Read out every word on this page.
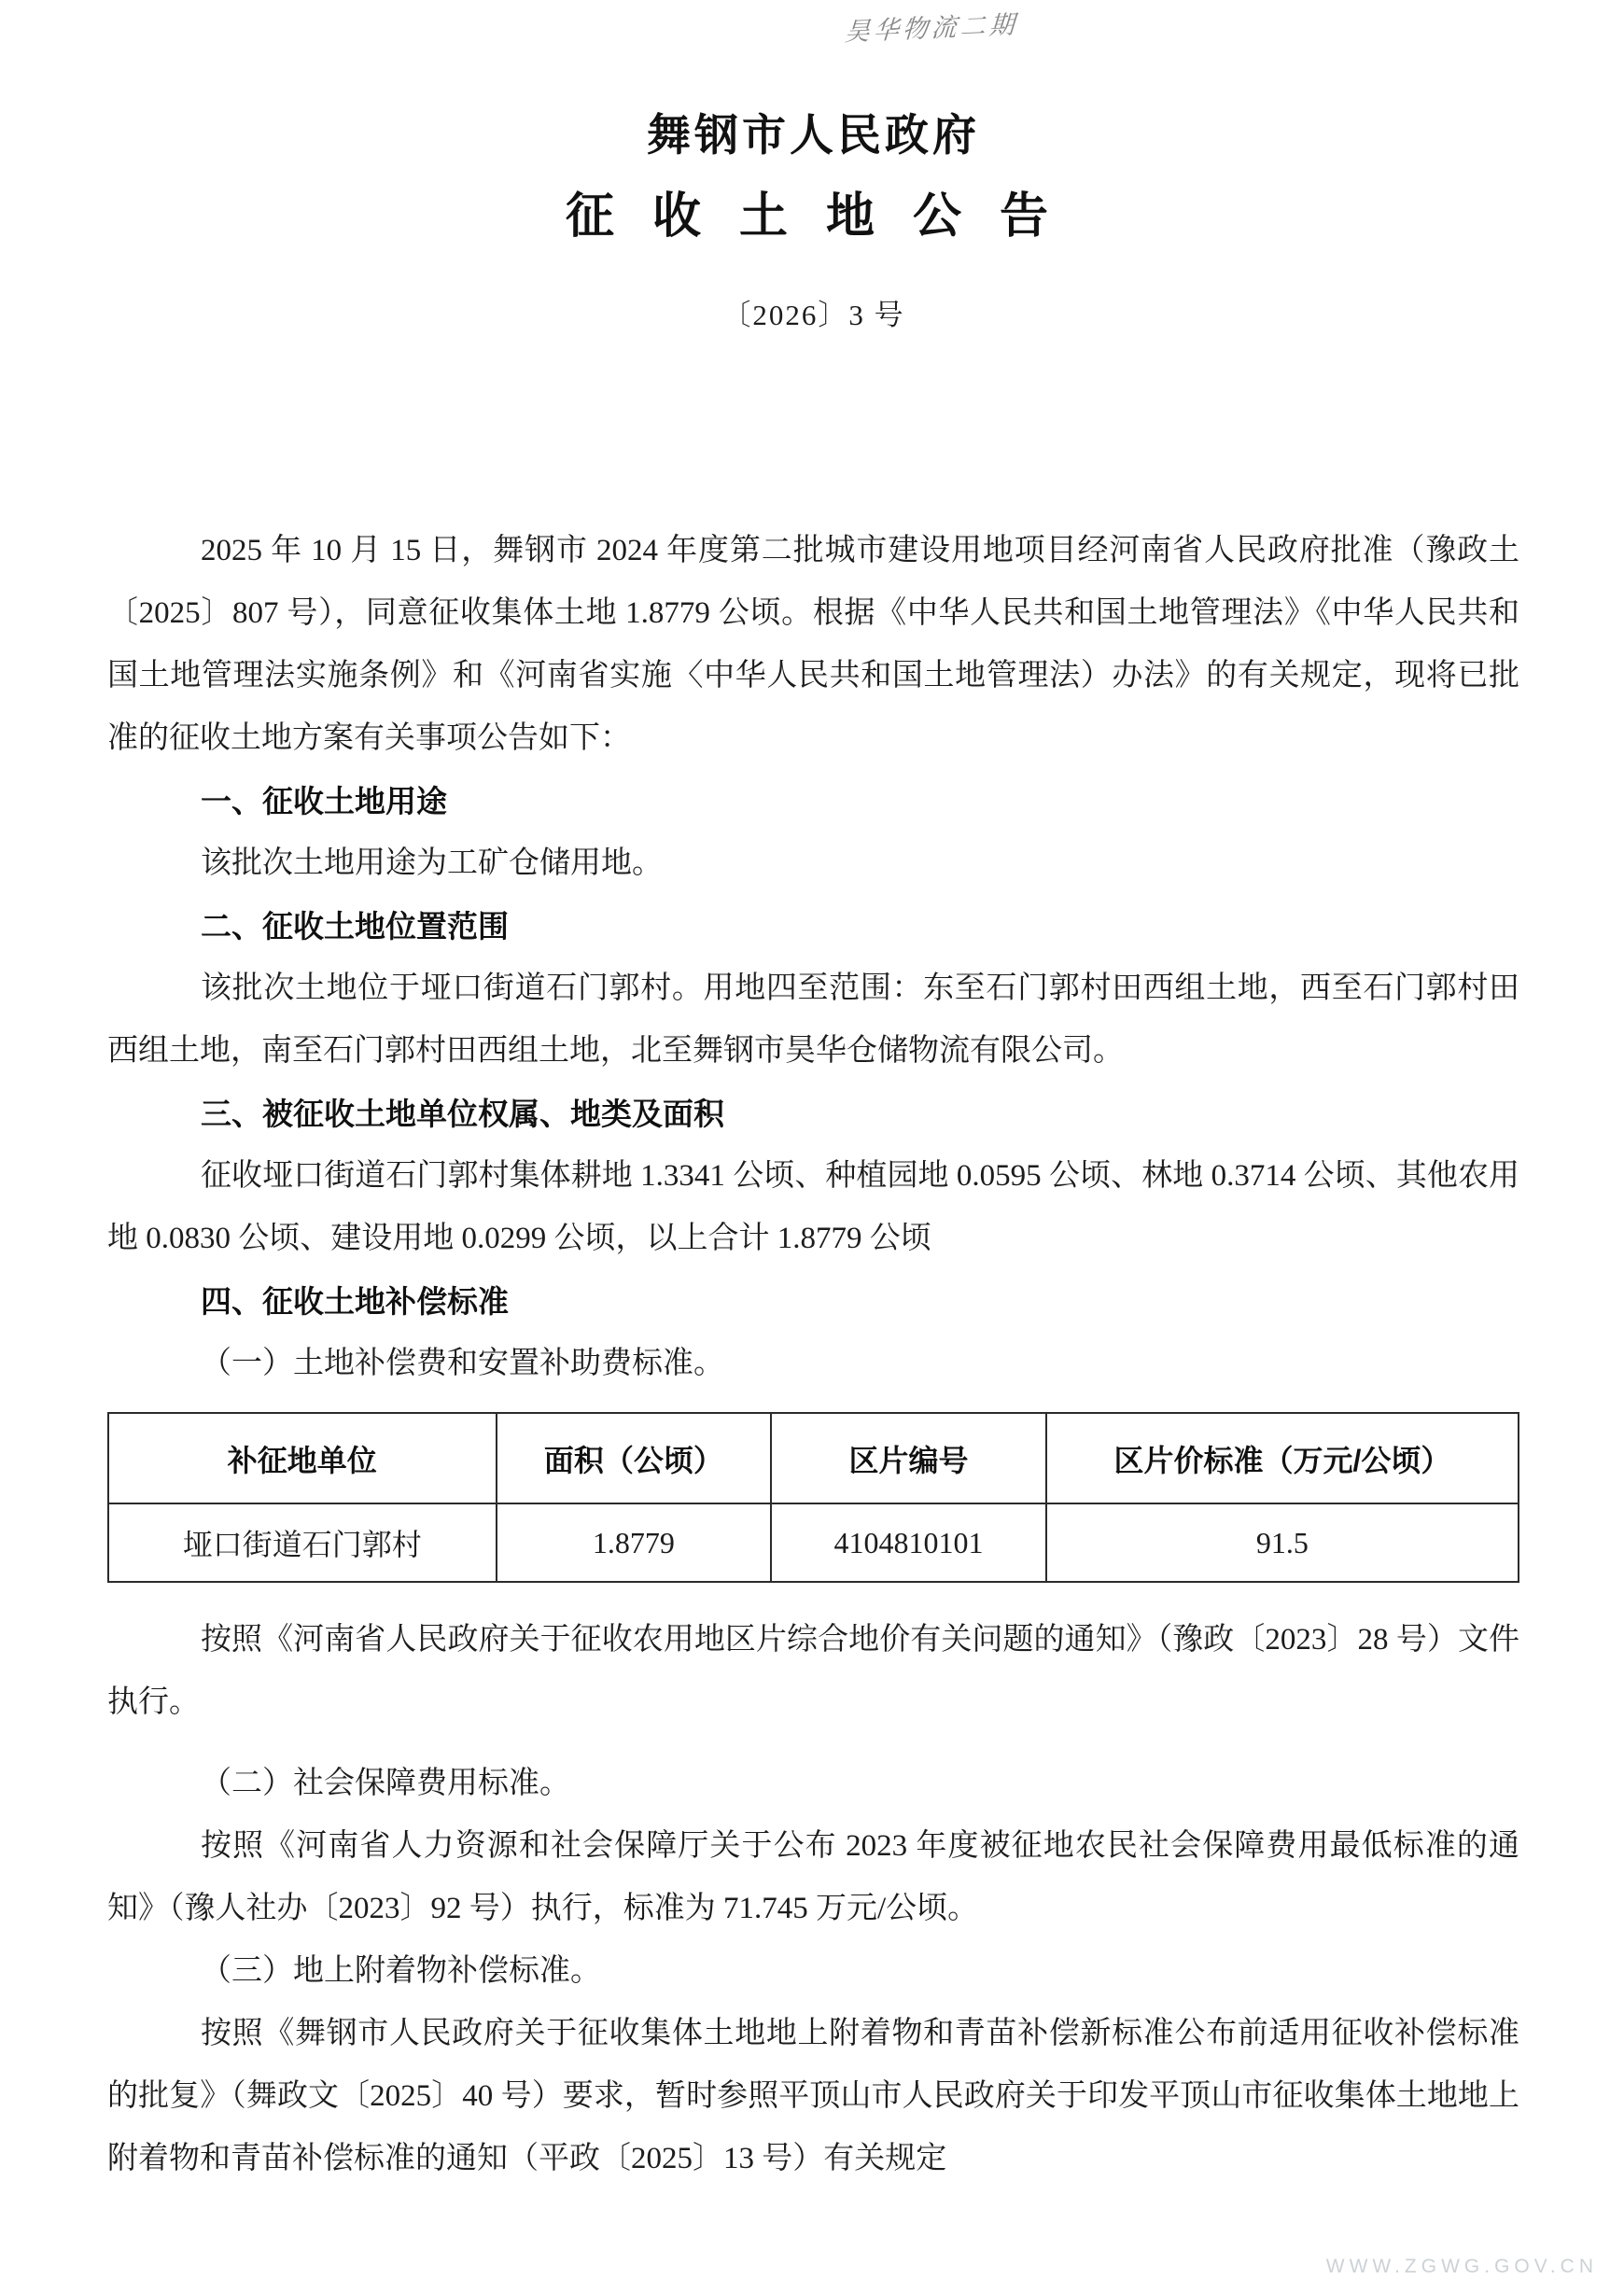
昊华物流二期

舞钢市人民政府

征 收 土 地 公 告

〔2026〕3 号

2025 年 10 月 15 日，舞钢市 2024 年度第二批城市建设用地项目经河南省人民政府批准（豫政土〔2025〕807 号），同意征收集体土地 1.8779 公顷。根据《中华人民共和国土地管理法》《中华人民共和国土地管理法实施条例》和《河南省实施〈中华人民共和国土地管理法）办法》的有关规定，现将已批准的征收土地方案有关事项公告如下：

一、征收土地用途

该批次土地用途为工矿仓储用地。

二、征收土地位置范围

该批次土地位于垭口街道石门郭村。用地四至范围：东至石门郭村田西组土地，西至石门郭村田西组土地，南至石门郭村田西组土地，北至舞钢市昊华仓储物流有限公司。

三、被征收土地单位权属、地类及面积

征收垭口街道石门郭村集体耕地 1.3341 公顷、种植园地 0.0595 公顷、林地 0.3714 公顷、其他农用地 0.0830 公顷、建设用地 0.0299 公顷，以上合计 1.8779 公顷

四、征收土地补偿标准

（一）土地补偿费和安置补助费标准。

补征地单位	面积（公顷）	区片编号	区片价标准（万元/公顷）
垭口街道石门郭村	1.8779	4104810101	91.5

按照《河南省人民政府关于征收农用地区片综合地价有关问题的通知》（豫政〔2023〕28 号）文件执行。

（二）社会保障费用标准。

按照《河南省人力资源和社会保障厅关于公布 2023 年度被征地农民社会保障费用最低标准的通知》（豫人社办〔2023〕92 号）执行，标准为 71.745 万元/公顷。

（三）地上附着物补偿标准。

按照《舞钢市人民政府关于征收集体土地地上附着物和青苗补偿新标准公布前适用征收补偿标准的批复》（舞政文〔2025〕40 号）要求，暂时参照平顶山市人民政府关于印发平顶山市征收集体土地地上附着物和青苗补偿标准的通知（平政〔2025〕13 号）有关规定

WWW.ZGWG.GOV.CN
